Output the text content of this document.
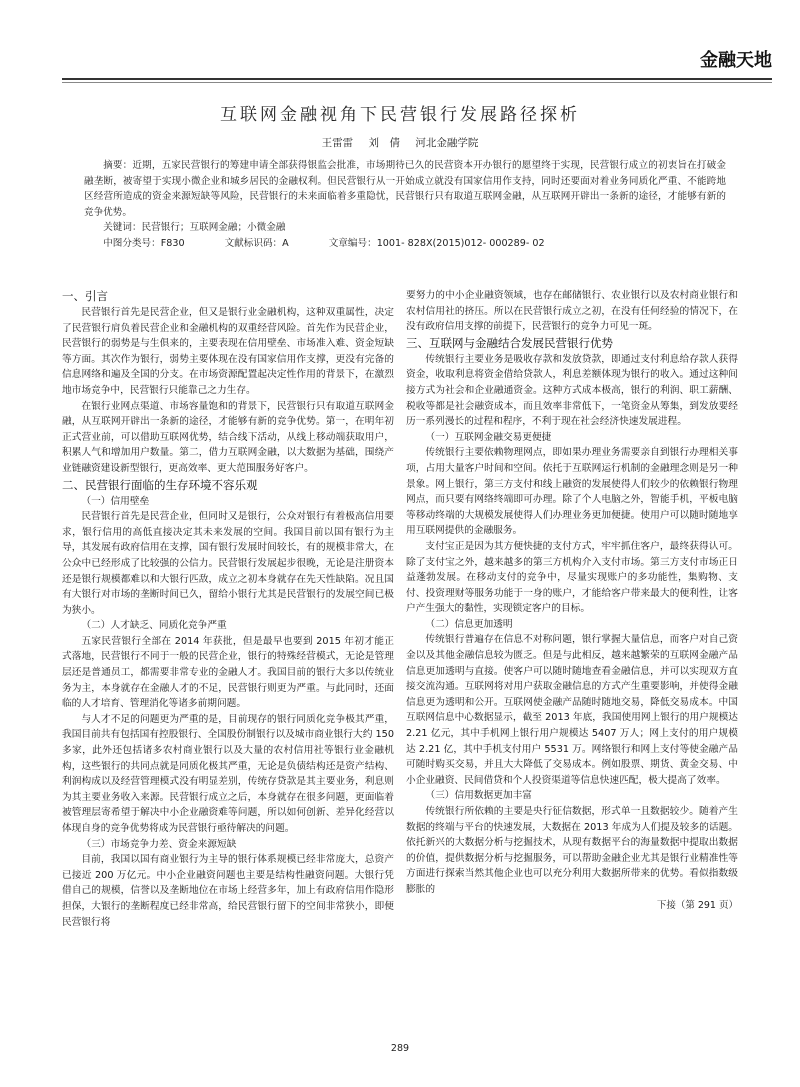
金融天地
互联网金融视角下民营银行发展路径探析
王雷雷 刘　倩 河北金融学院

摘要：近期，五家民营银行的筹建申请全部获得银监会批准，市场期待已久的民营资本开办银行的愿望终于实现，民营银行成立的初衷旨在打破金融垄断，被寄望于实现小微企业和城乡居民的金融权利。但民营银行从一开始成立就没有国家信用作支持，同时还要面对着业务同质化严重、不能跨地区经营所造成的资金来源短缺等风险，民营银行的未来面临着多重隐忧，民营银行只有取道互联网金融，从互联网开辟出一条新的途径，才能够有新的竞争优势。

关键词：民营银行；互联网金融；小微金融

中图分类号：F830	文献标识码：A	文章编号：1001- 828X(2015)012- 000289- 02
一、引言

民营银行首先是民营企业，但又是银行业金融机构，这种双重属性，决定了民营银行肩负着民营企业和金融机构的双重经营风险。首先作为民营企业，民营银行的弱势是与生俱来的，主要表现在信用壁垒、市场准入难、资金短缺等方面。其次作为银行，弱势主要体现在没有国家信用作支撑，更没有完备的信息网络和遍及全国的分支。在市场资源配置起决定性作用的背景下，在激烈地市场竞争中，民营银行只能靠己之力生存。

在银行业网点渠道、市场容量饱和的背景下，民营银行只有取道互联网金融，从互联网开辟出一条新的途径，才能够有新的竞争优势。第一，在明年初正式营业前，可以借助互联网优势，结合线下活动，从线上移动端获取用户，积累人气和增加用户数量。第二，借力互联网金融，以大数据为基础，围绕产业链融资建设新型银行，更高效率、更大范围服务好客户。

二、民营银行面临的生存环境不容乐观
（一）信用壁垒

民营银行首先是民营企业，但同时又是银行，公众对银行有着极高信用要求，银行信用的高低直接决定其未来发展的空间。我国目前以国有银行为主导，其发展有政府信用在支撑，国有银行发展时间较长，有的规模非常大，在公众中已经形成了比较强的公信力。民营银行发展起步很晚，无论是注册资本还是银行规模都难以和大银行匹敌，成立之初本身就存在先天性缺陷。况且国有大银行对市场的垄断时间已久，留给小银行尤其是民营银行的发展空间已极为狭小。

（二）人才缺乏、同质化竞争严重

五家民营银行全部在 2014 年获批，但是最早也要到 2015 年初才能正式落地，民营银行不同于一般的民营企业，银行的特殊经营模式，无论是管理层还是普通员工，都需要非常专业的金融人才。我国目前的银行大多以传统业务为主，本身就存在金融人才的不足，民营银行则更为严重。与此同时，还面临的人才培育、管理消化等诸多前期问题。

与人才不足的问题更为严重的是，目前现存的银行同质化竞争极其严重，我国目前共有包括国有控股银行、全国股份制银行以及城市商业银行大约 150 多家，此外还包括诸多农村商业银行以及大量的农村信用社等银行业金融机构，这些银行的共同点就是同质化极其严重，无论是负债结构还是资产结构、利润构成以及经营管理模式没有明显差别，传统存贷款是其主要业务，利息则为其主要业务收入来源。民营银行成立之后，本身就存在很多问题，更面临着被管理层寄希望于解决中小企业融资难等问题，所以如何创新、差异化经营以体现自身的竞争优势将成为民营银行亟待解决的问题。

（三）市场竞争力差、资金来源短缺

目前，我国以国有商业银行为主导的银行体系规模已经非常庞大，总资产已接近 200 万亿元。中小企业融资问题也主要是结构性融资问题。大银行凭借自己的规模，信誉以及垄断地位在市场上经营多年，加上有政府信用作隐形担保，大银行的垄断程度已经非常高，给民营银行留下的空间非常狭小，即便民营银行将

要努力的中小企业融资领域，也存在邮储银行、农业银行以及农村商业银行和农村信用社的挤压。所以在民营银行成立之初，在没有任何经验的情况下，在没有政府信用支撑的前提下，民营银行的竞争力可见一斑。

三、互联网与金融结合发展民营银行优势

传统银行主要业务是吸收存款和发放贷款，即通过支付利息给存款人获得资金，收取利息将资金借给贷款人，利息差额体现为银行的收入。通过这种间接方式为社会和企业融通资金。这种方式成本极高，银行的利润、职工薪酬、税收等都是社会融资成本，而且效率非常低下，一笔资金从筹集，到发放要经历一系列漫长的过程和程序，不利于现在社会经济快速发展进程。

（一）互联网金融交易更便捷

传统银行主要依赖物理网点，即如果办理业务需要亲自到银行办理相关事项，占用大量客户时间和空间。依托于互联网运行机制的金融理念则是另一种景象。网上银行，第三方支付和线上融资的发展使得人们较少的依赖银行物理网点，而只要有网络终端即可办理。除了个人电脑之外，智能手机，平板电脑等移动终端的大规模发展使得人们办理业务更加便捷。使用户可以随时随地享用互联网提供的金融服务。

支付宝正是因为其方便快捷的支付方式，牢牢抓住客户，最终获得认可。除了支付宝之外，越来越多的第三方机构介入支付市场。第三方支付市场正日益蓬勃发展。在移动支付的竞争中，尽量实现账户的多功能性，集购物、支付、投资理财等服务功能于一身的账户，才能给客户带来最大的便利性，让客户产生强大的黏性，实现锁定客户的目标。

（二）信息更加透明

传统银行普遍存在信息不对称问题，银行掌握大量信息，而客户对自己资金以及其他金融信息较为匮乏。但是与此相反，越来越繁荣的互联网金融产品信息更加透明与直接。使客户可以随时随地查看金融信息，并可以实现双方直接交流沟通。互联网将对用户获取金融信息的方式产生重要影响，并使得金融信息更为透明和公开。互联网使金融产品随时随地交易，降低交易成本。中国互联网信息中心数据显示，截至 2013 年底，我国使用网上银行的用户规模达 2.21 亿元，其中手机网上银行用户规模达 5407 万人；网上支付的用户规模达 2.21 亿，其中手机支付用户 5531 万。网络银行和网上支付等使金融产品可随时购买交易，并且大大降低了交易成本。例如股票、期货、黄金交易、中小企业融资、民间借贷和个人投资渠道等信息快速匹配，极大提高了效率。

（三）信用数据更加丰富

传统银行所依赖的主要是央行征信数据，形式单一且数据较少。随着产生数据的终端与平台的快速发展，大数据在 2013 年成为人们提及较多的话题。依托新兴的大数据分析与挖掘技术，从现有数据平台的海量数据中提取出数据的价值，提供数据分析与挖掘服务，可以帮助金融企业尤其是银行业精准性等方面进行探索当然其他企业也可以充分利用大数据所带来的优势。看似指数级膨胀的

下接（第 291 页）
289
